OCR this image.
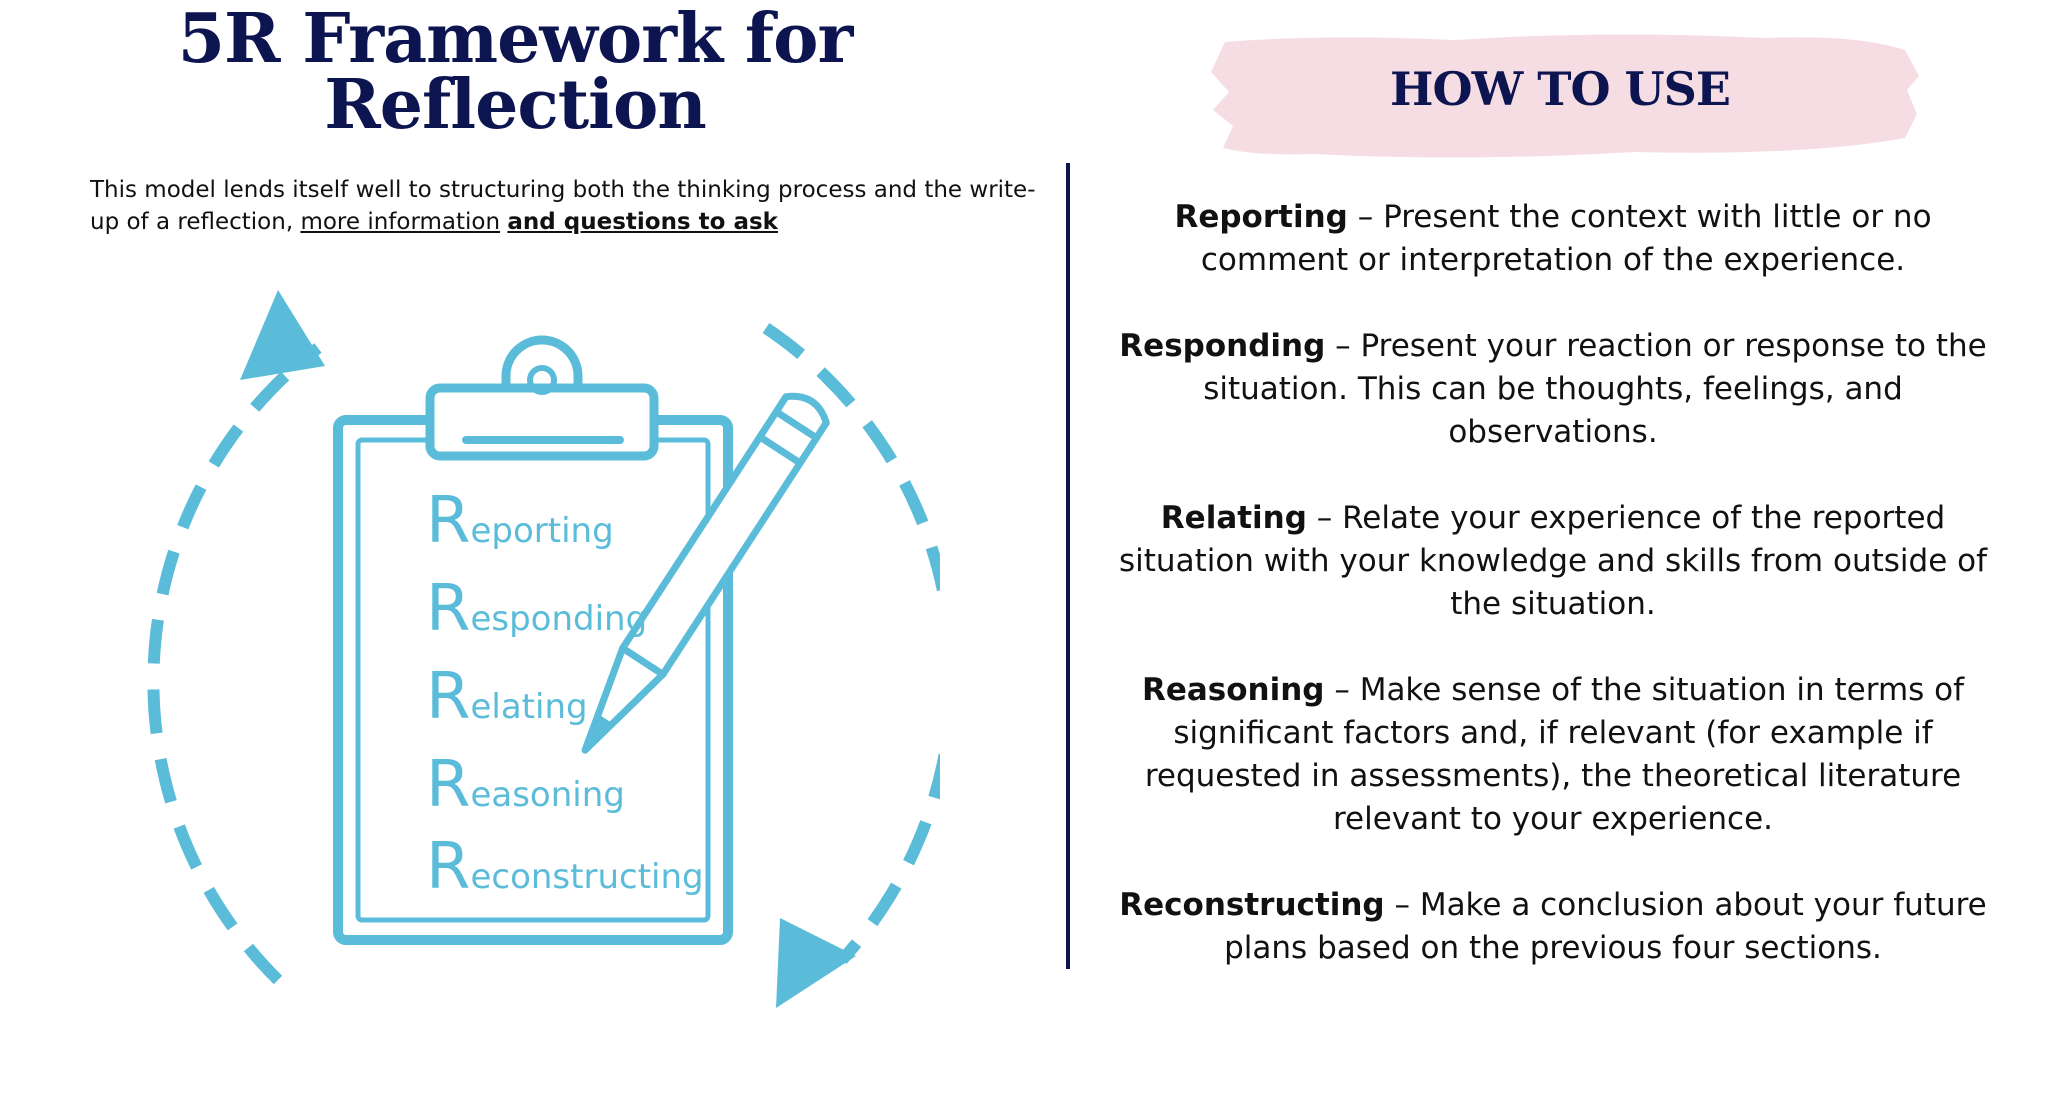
5R Framework for Reflection
This model lends itself well to structuring both the thinking process and the write-up of a reflection, more information and questions to ask
Reporting
Responding
Relating
Reasoning
Reconstructing
HOW TO USE

Reporting – Present the context with little or no comment or interpretation of the experience.

Responding – Present your reaction or response to the situation. This can be thoughts, feelings, and observations.

Relating – Relate your experience of the reported situation with your knowledge and skills from outside of the situation.

Reasoning – Make sense of the situation in terms of significant factors and, if relevant (for example if requested in assessments), the theoretical literature relevant to your experience.

Reconstructing – Make a conclusion about your future plans based on the previous four sections.
